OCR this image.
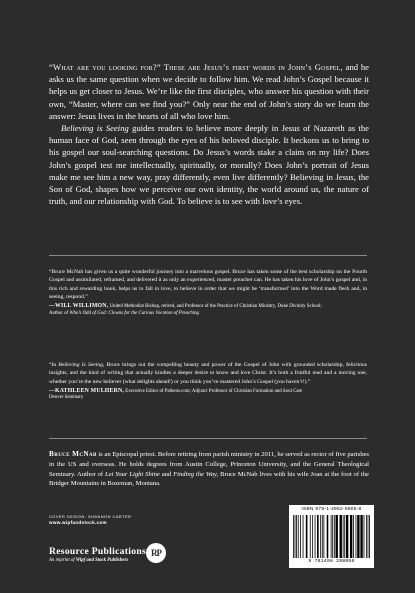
“What are you looking for?” These are Jesus’s first words in John’s Gospel, and he asks us the same question when we decide to follow him. We read John’s Gospel because it helps us get closer to Jesus. We’re like the first disciples, who answer his question with their own, “Master, where can we find you?” Only near the end of John’s story do we learn the answer: Jesus lives in the hearts of all who love him.

Believing is Seeing guides readers to believe more deeply in Jesus of Nazareth as the human face of God, seen through the eyes of his beloved disciple. It beckons us to bring to his gospel our soul-searching questions. Do Jesus’s words stake a claim on my life? Does John’s gospel test me intellectually, spiritually, or morally? Does John’s portrait of Jesus make me see him a new way, pray differently, even live differently? Believing in Jesus, the Son of God, shapes how we perceive our own identity, the world around us, the nature of truth, and our relationship with God. To believe is to see with love’s eyes.

“Bruce McNab has given us a quite wonderful journey into a marvelous gospel. Bruce has taken some of the best scholarship on the Fourth Gospel and assimilated, reframed, and delivered it as only an experienced, master preacher can. He has taken his love of John’s gospel and, in this rich and rewarding book, helps us to fall in love, to believe in order that we might be ‘transformed’ into the Word made flesh and, in seeing, respond.”
—WILL WILLIMON, United Methodist Bishop, retired, and Professor of the Practice of Christian Ministry, Duke Divinity School;
Author of Who’s Odd of God: Clowns for the Curious Vocation of Preaching

“In Believing Is Seeing, Bruce brings out the compelling beauty and power of the Gospel of John with grounded scholarship, felicitous insights, and the kind of writing that actually kindles a deeper desire to know and love Christ. It’s both a fruitful read and a moving one, whether you’re the new believer (what delights ahead!) or you think you’ve mastered John’s Gospel (you haven’t!).”
—KATHLEEN MULHERN, Executive Editor of Patheos.com; Adjunct Professor of Christian Formation and Soul Care
Denver Seminary

Bruce McNab is an Episcopal priest. Before retiring from parish ministry in 2011, he served as rector of five parishes in the US and overseas. He holds degrees from Austin College, Princeton University, and the General Theological Seminary. Author of Let Your Light Shine and Finding the Way, Bruce McNab lives with his wife Joan at the foot of the Bridger Mountains in Bozeman, Montana.

COVER DESIGN: SHANNON CARTER
www.wipfandstock.com
Resource Publications
An imprint of Wipf and Stock Publishers
RP
ISBN 978-1-4982-9805-6
9 781498 298056
